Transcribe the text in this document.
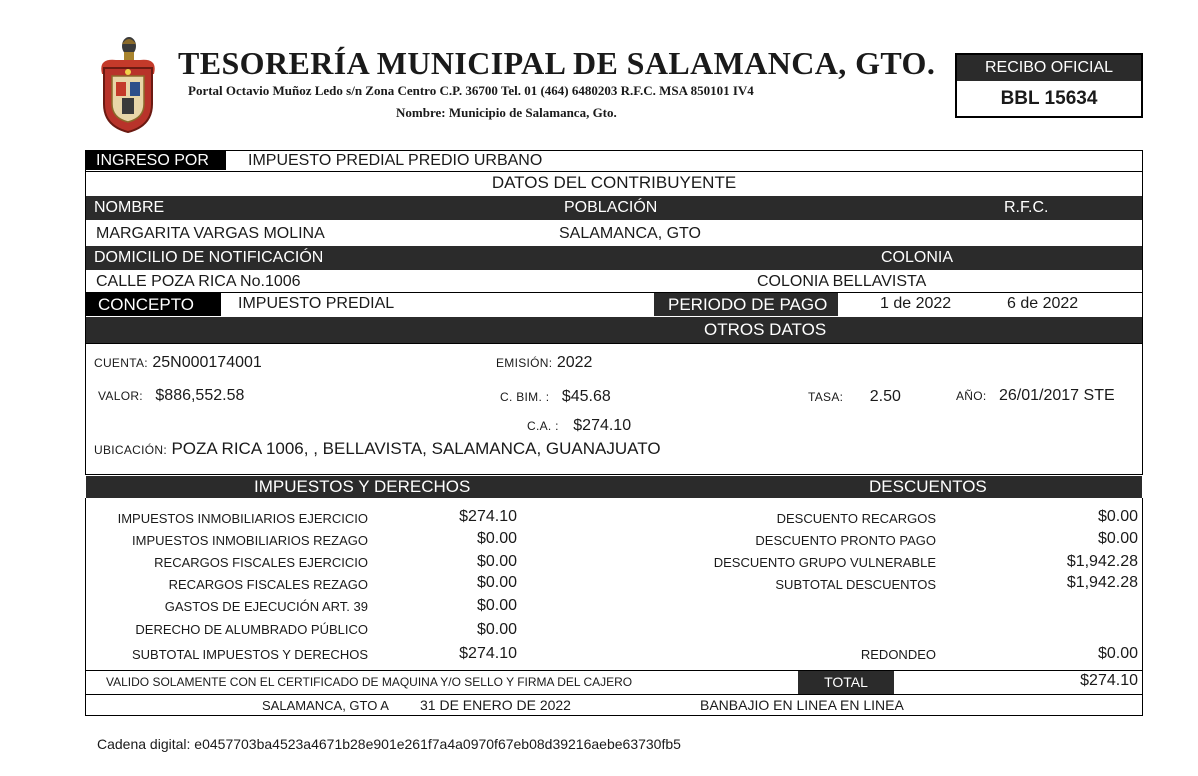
TESORERÍA MUNICIPAL DE SALAMANCA, GTO.
Portal Octavio Muñoz Ledo s/n Zona Centro C.P. 36700 Tel. 01 (464) 6480203 R.F.C. MSA 850101 IV4
Nombre: Municipio de Salamanca, Gto.
RECIBO OFICIAL
BBL 15634
INGRESO POR	IMPUESTO PREDIAL PREDIO URBANO
DATOS DEL CONTRIBUYENTE
NOMBRE	POBLACIÓN	R.F.C.
MARGARITA VARGAS MOLINA	SALAMANCA, GTO
DOMICILIO DE NOTIFICACIÓN	COLONIA
CALLE POZA RICA No.1006	COLONIA BELLAVISTA
CONCEPTO	IMPUESTO PREDIAL	PERIODO DE PAGO	1 de 2022	6 de 2022
OTROS DATOS
CUENTA: 25N000174001	EMISIÓN: 2022
VALOR: $886,552.58	C. BIM. : $45.68	TASA: 2.50	AÑO: 26/01/2017 STE
C.A. : $274.10
UBICACIÓN: POZA RICA 1006, , BELLAVISTA, SALAMANCA, GUANAJUATO
IMPUESTOS Y DERECHOS	DESCUENTOS
IMPUESTOS INMOBILIARIOS EJERCICIO	$274.10
IMPUESTOS INMOBILIARIOS REZAGO	$0.00
RECARGOS FISCALES EJERCICIO	$0.00
RECARGOS FISCALES REZAGO	$0.00
GASTOS DE EJECUCIÓN ART. 39	$0.00
DERECHO DE ALUMBRADO PÚBLICO	$0.00
SUBTOTAL IMPUESTOS Y DERECHOS	$274.10
DESCUENTO RECARGOS	$0.00
DESCUENTO PRONTO PAGO	$0.00
DESCUENTO GRUPO VULNERABLE	$1,942.28
SUBTOTAL DESCUENTOS	$1,942.28
REDONDEO	$0.00
VALIDO SOLAMENTE CON EL CERTIFICADO DE MAQUINA Y/O SELLO Y FIRMA DEL CAJERO	TOTAL	$274.10
SALAMANCA, GTO A 31 DE ENERO DE 2022	BANBAJIO EN LINEA EN LINEA
Cadena digital: e0457703ba4523a4671b28e901e261f7a4a0970f67eb08d39216aebe63730fb5
